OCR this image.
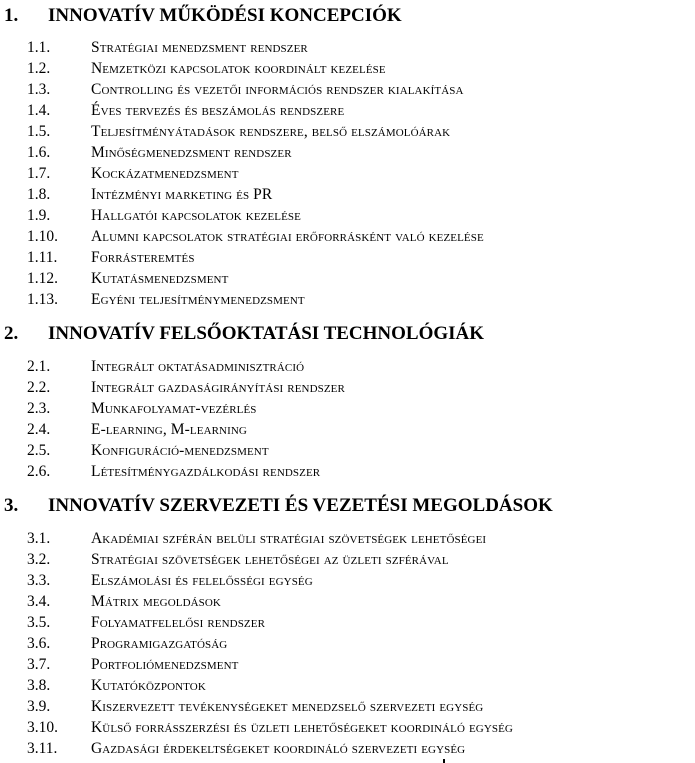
1.	INNOVATÍV MŰKÖDÉSI KONCEPCIÓK
1.1.	Stratégiai menedzsment rendszer
1.2.	Nemzetközi kapcsolatok koordinált kezelése
1.3.	Controlling és vezetői információs rendszer kialakítása
1.4.	Éves tervezés és beszámolás rendszere
1.5.	Teljesítményátadások rendszere, belső elszámolóárak
1.6.	Minőségmenedzsment rendszer
1.7.	Kockázatmenedzsment
1.8.	Intézményi marketing és PR
1.9.	Hallgatói kapcsolatok kezelése
1.10.	Alumni kapcsolatok stratégiai erőforrásként való kezelése
1.11.	Forrásteremtés
1.12.	Kutatásmenedzsment
1.13.	Egyéni teljesítménymenedzsment
2.	INNOVATÍV FELSŐOKTATÁSI TECHNOLÓGIÁK
2.1.	Integrált oktatásadminisztráció
2.2.	Integrált gazdaságirányítási rendszer
2.3.	Munkafolyamat-vezérlés
2.4.	E-learning, M-learning
2.5.	Konfiguráció-menedzsment
2.6.	Létesítménygazdálkodási rendszer
3.	INNOVATÍV SZERVEZETI ÉS VEZETÉSI MEGOLDÁSOK
3.1.	Akadémiai szférán belüli stratégiai szövetségek lehetőségei
3.2.	Stratégiai szövetségek lehetőségei az üzleti szférával
3.3.	Elszámolási és felelősségi egység
3.4.	Mátrix megoldások
3.5.	Folyamatfelelősi rendszer
3.6.	Programigazgatóság
3.7.	Portfoliómenedzsment
3.8.	Kutatóközpontok
3.9.	Kiszervezett tevékenységeket menedzselő szervezeti egység
3.10.	Külső forrásszerzési és üzleti lehetőségeket koordináló egység
3.11.	Gazdasági érdekeltségeket koordináló szervezeti egység
